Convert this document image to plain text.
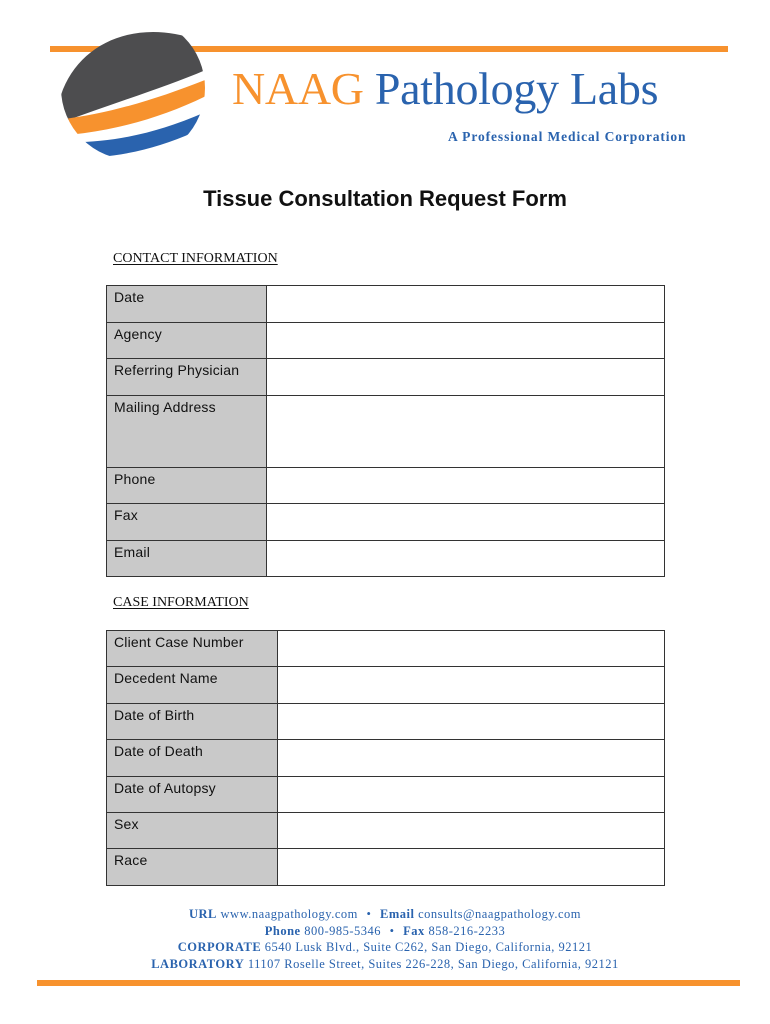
NAAG Pathology Labs
A Professional Medical Corporation
Tissue Consultation Request Form
CONTACT INFORMATION
Date	
Agency	
Referring Physician	
Mailing Address	
Phone	
Fax	
Email	
CASE INFORMATION
Client Case Number	
Decedent Name	
Date of Birth	
Date of Death	
Date of Autopsy	
Sex	
Race	
URL www.naagpathology.com • Email consults@naagpathology.com
Phone 800-985-5346 • Fax 858-216-2233
CORPORATE 6540 Lusk Blvd., Suite C262, San Diego, California, 92121
LABORATORY 11107 Roselle Street, Suites 226-228, San Diego, California, 92121
